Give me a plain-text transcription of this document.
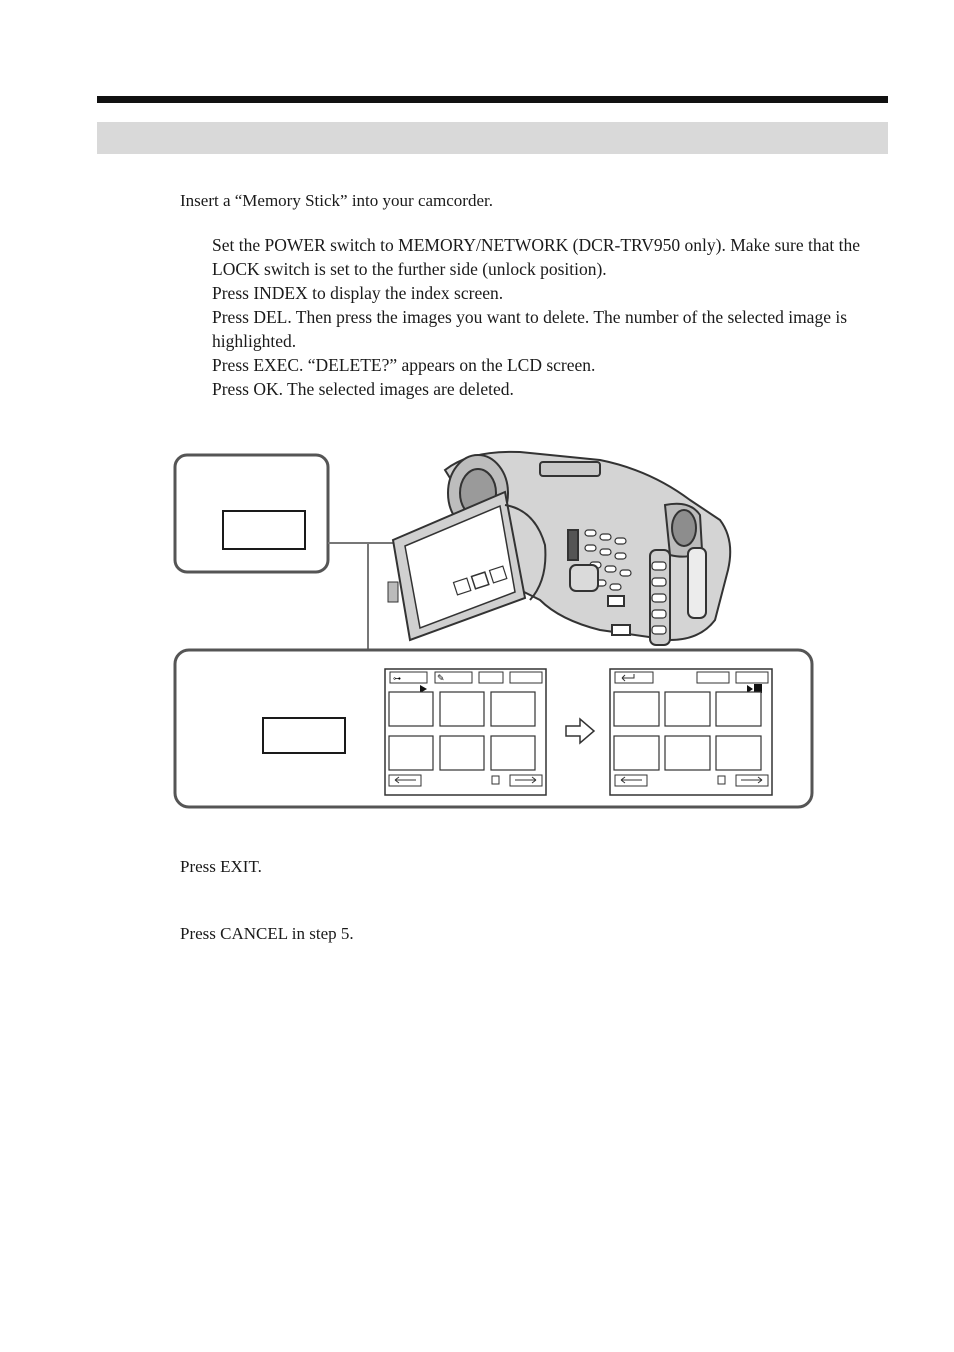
Insert a “Memory Stick” into your camcorder.
Set the POWER switch to MEMORY/NETWORK (DCR-TRV950 only). Make sure that the LOCK switch is set to the further side (unlock position).
Press INDEX to display the index screen.
Press DEL. Then press the images you want to delete. The number of the selected image is highlighted.
Press EXEC. “DELETE?” appears on the LCD screen.
Press OK. The selected images are deleted.
⊶	✎
Press EXIT.
Press CANCEL in step 5.
